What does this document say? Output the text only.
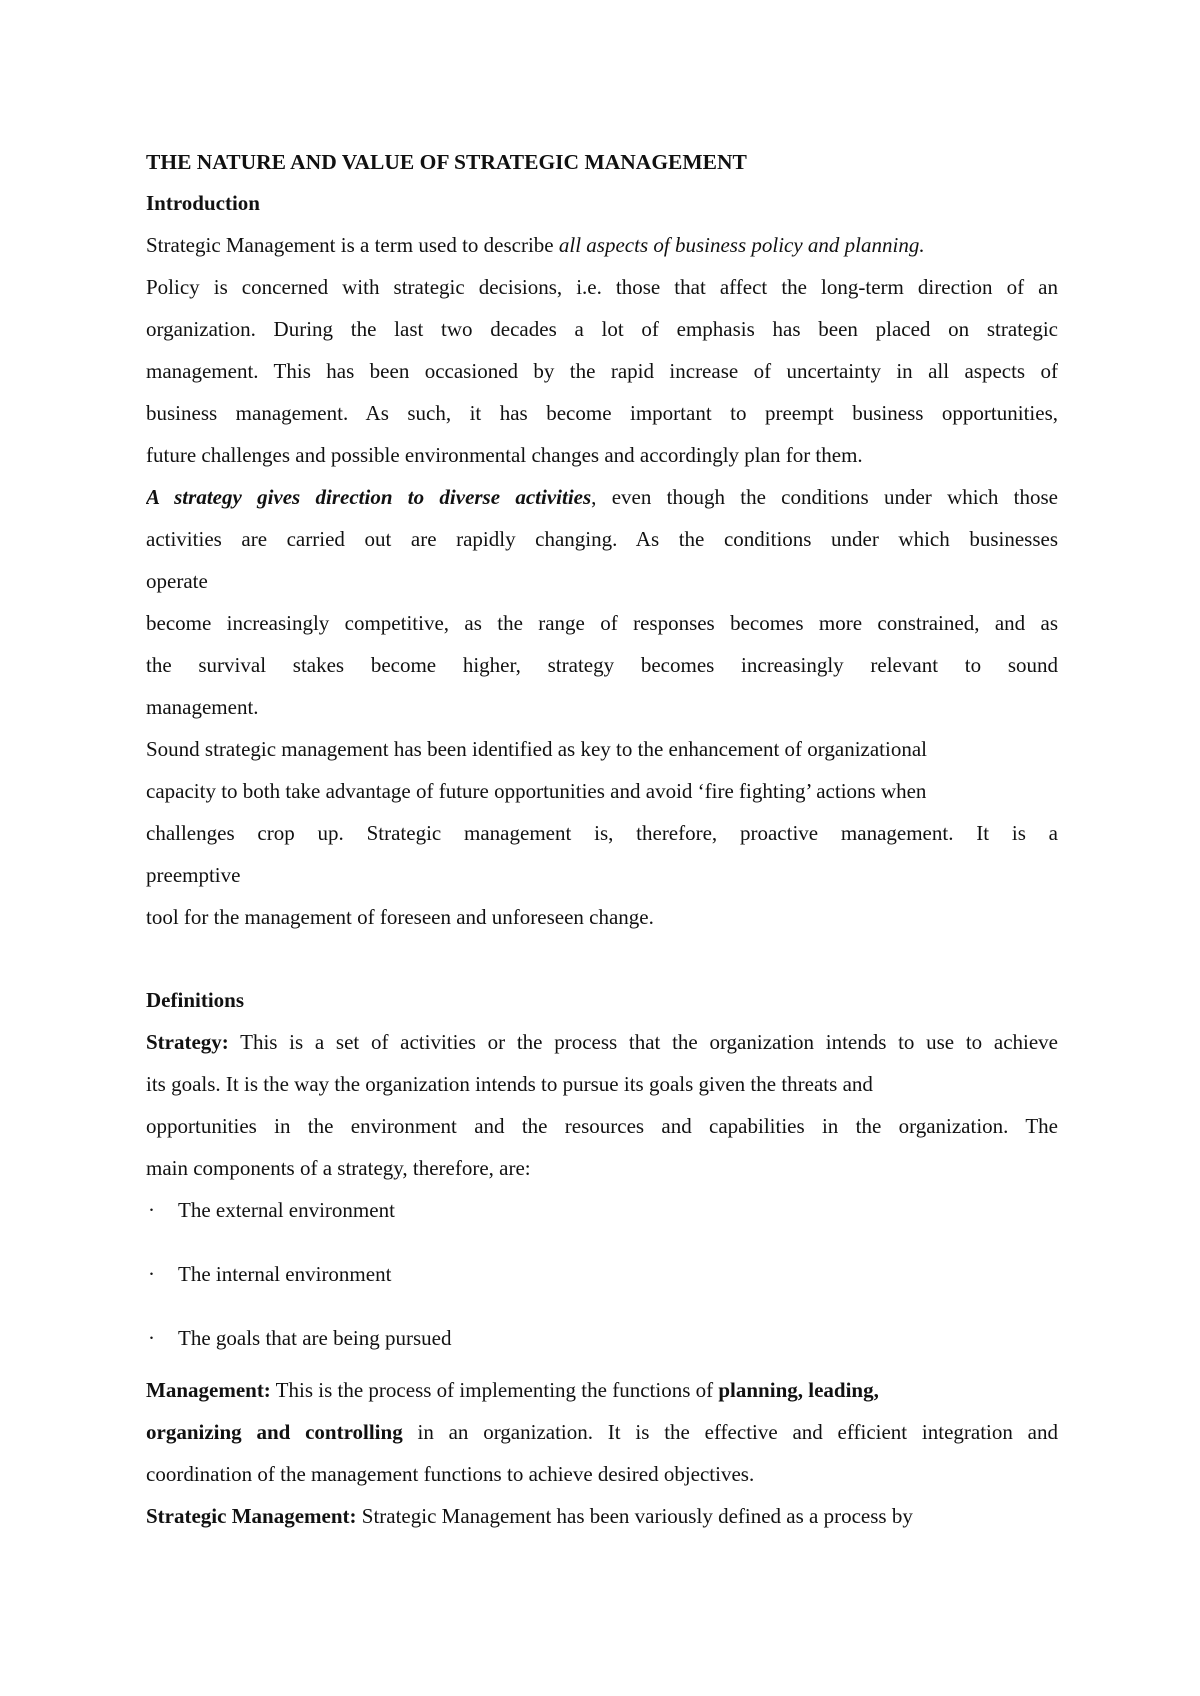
THE NATURE AND VALUE OF STRATEGIC MANAGEMENT
Introduction
Strategic Management is a term used to describe all aspects of business policy and planning.
Policy is concerned with strategic decisions, i.e. those that affect the long-term direction of an
organization. During the last two decades a lot of emphasis has been placed on strategic
management. This has been occasioned by the rapid increase of uncertainty in all aspects of
business management. As such, it has become important to preempt business opportunities,
future challenges and possible environmental changes and accordingly plan for them.
A strategy gives direction to diverse activities, even though the conditions under which those
activities are carried out are rapidly changing. As the conditions under which businesses
operate
become increasingly competitive, as the range of responses becomes more constrained, and as
the survival stakes become higher, strategy becomes increasingly relevant to sound
management.
Sound strategic management has been identified as key to the enhancement of organizational
capacity to both take advantage of future opportunities and avoid ‘fire fighting’ actions when
challenges crop up. Strategic management is, therefore, proactive management. It is a
preemptive
tool for the management of foreseen and unforeseen change.
Definitions
Strategy: This is a set of activities or the process that the organization intends to use to achieve
its goals. It is the way the organization intends to pursue its goals given the threats and
opportunities in the environment and the resources and capabilities in the organization. The
main components of a strategy, therefore, are:
· The external environment
· The internal environment
· The goals that are being pursued
Management: This is the process of implementing the functions of planning, leading,
organizing and controlling in an organization. It is the effective and efficient integration and
coordination of the management functions to achieve desired objectives.
Strategic Management: Strategic Management has been variously defined as a process by
